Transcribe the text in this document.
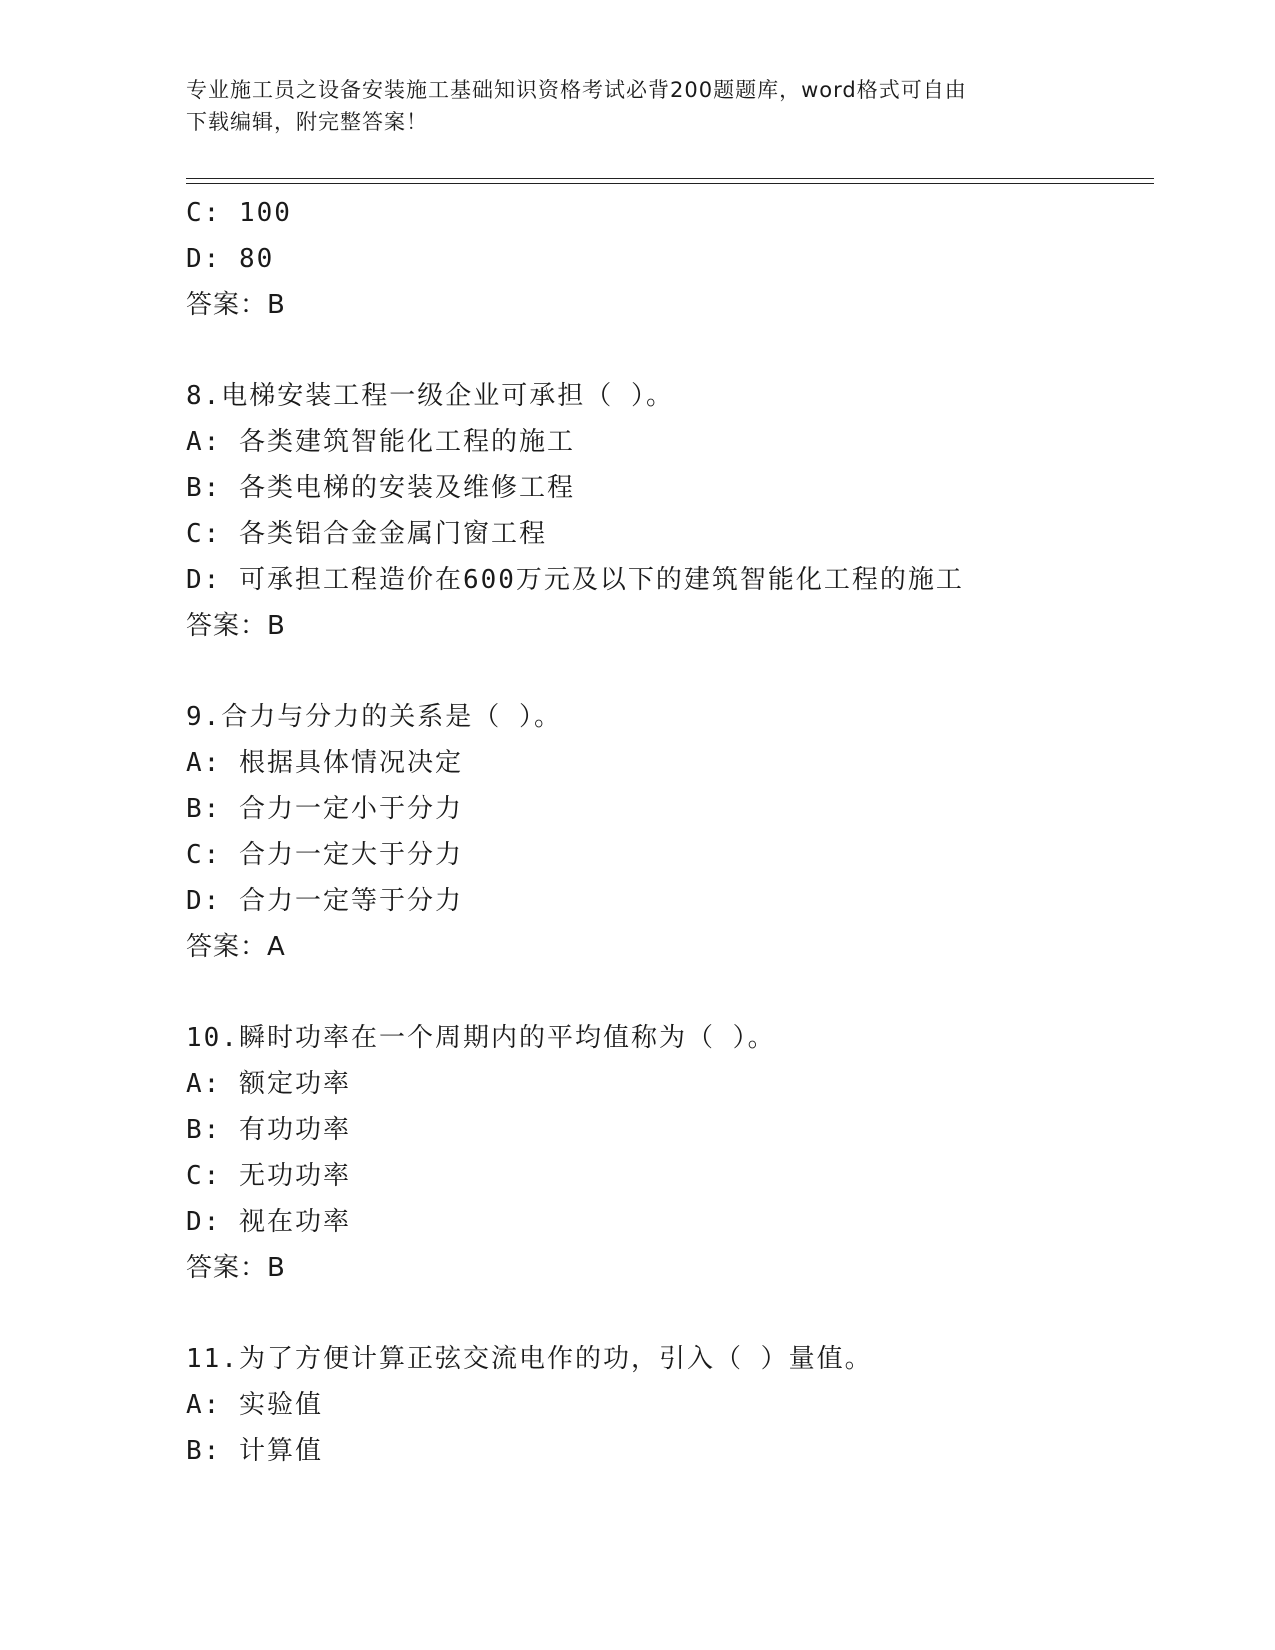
专业施工员之设备安装施工基础知识资格考试必背200题题库，word格式可自由
下载编辑，附完整答案！
C: 100
D: 80
答案：B
8.电梯安装工程一级企业可承担（ ）。
A: 各类建筑智能化工程的施工
B: 各类电梯的安装及维修工程
C: 各类铝合金金属门窗工程
D: 可承担工程造价在600万元及以下的建筑智能化工程的施工
答案：B
9.合力与分力的关系是（ ）。
A: 根据具体情况决定
B: 合力一定小于分力
C: 合力一定大于分力
D: 合力一定等于分力
答案：A
10.瞬时功率在一个周期内的平均值称为（ ）。
A: 额定功率
B: 有功功率
C: 无功功率
D: 视在功率
答案：B
11.为了方便计算正弦交流电作的功，引入（ ）量值。
A: 实验值
B: 计算值
